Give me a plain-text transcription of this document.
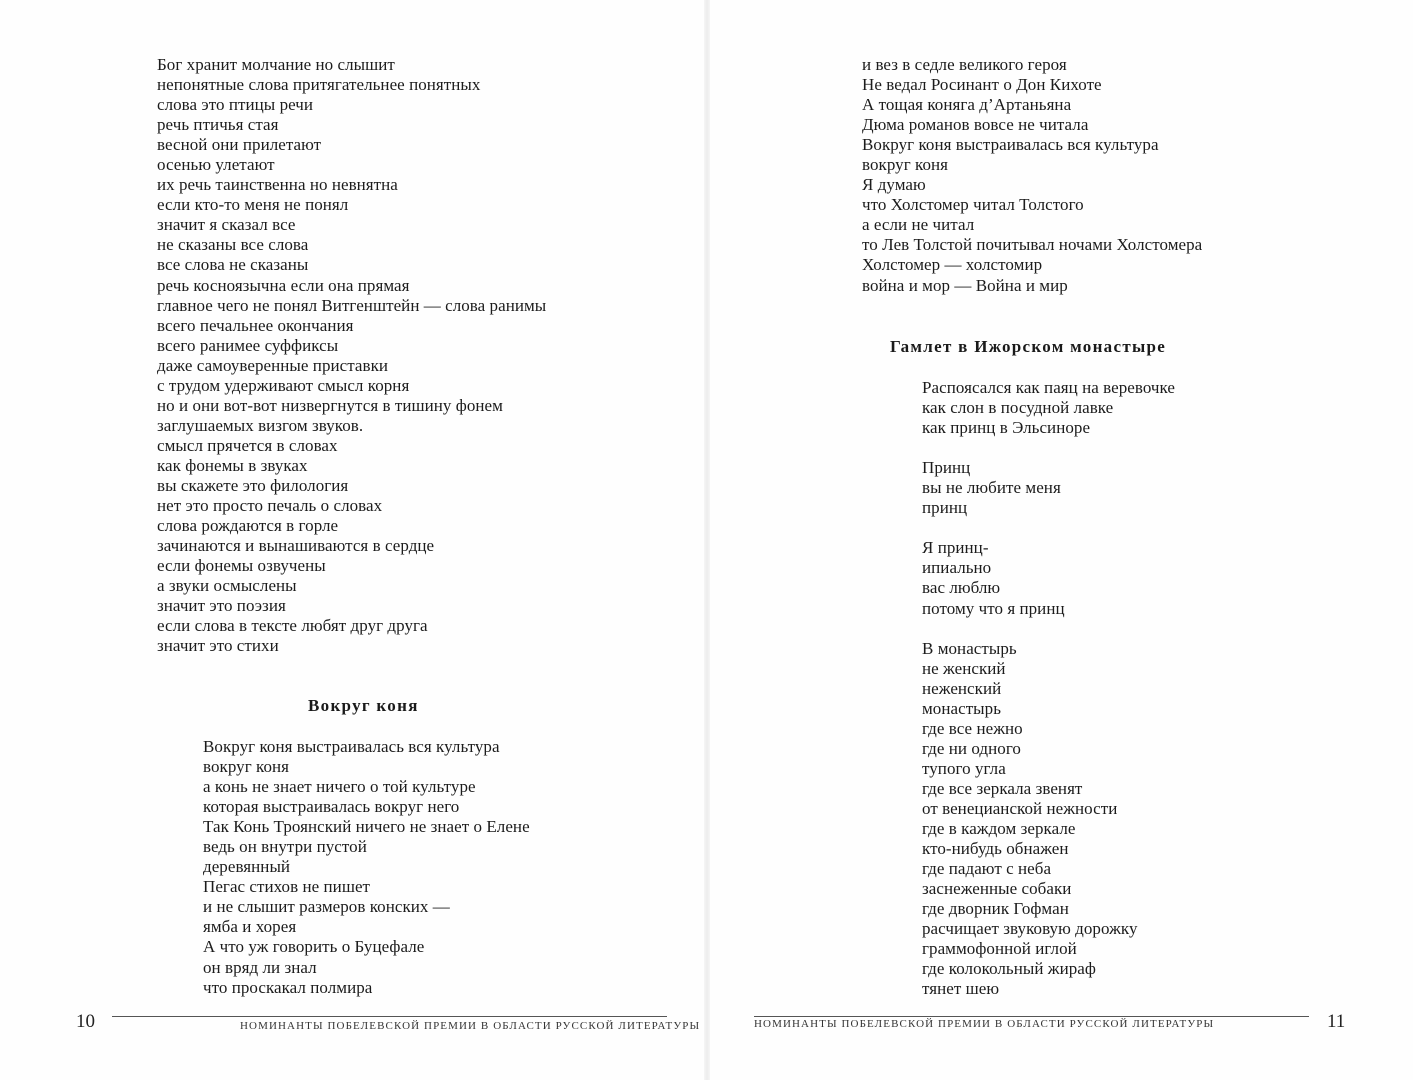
Бог хранит молчание но слышит
непонятные слова притягательнее понятных
слова это птицы речи
речь птичья стая
весной они прилетают
осенью улетают
их речь таинственна но невнятна
если кто-то меня не понял
значит я сказал все
не сказаны все слова
все слова не сказаны
речь косноязычна если она прямая
главное чего не понял Витгенштейн — слова ранимы
всего печальнее окончания
всего ранимее суффиксы
даже самоуверенные приставки
с трудом удерживают смысл корня
но и они вот-вот низвергнутся в тишину фонем
заглушаемых визгом звуков.
смысл прячется в словах
как фонемы в звуках
вы скажете это филология
нет это просто печаль о словах
слова рождаются в горле
зачинаются и вынашиваются в сердце
если фонемы озвучены
а звуки осмыслены
значит это поэзия
если слова в тексте любят друг друга
значит это стихи
Вокруг коня
Вокруг коня выстраивалась вся культура
вокруг коня
а конь не знает ничего о той культуре
которая выстраивалась вокруг него
Так Конь Троянский ничего не знает о Елене
ведь он внутри пустой
деревянный
Пегас стихов не пишет
и не слышит размеров конских —
ямба и хорея
А что уж говорить о Буцефале
он вряд ли знал
что проскакал полмира
10	НОМИНАНТЫ ПОБЕЛЕВСКОЙ ПРЕМИИ В ОБЛАСТИ РУССКОЙ ЛИТЕРАТУРЫ
и вез в седле великого героя
Не ведал Росинант о Дон Кихоте
А тощая коняга д’Артаньяна
Дюма романов вовсе не читала
Вокруг коня выстраивалась вся культура
вокруг коня
Я думаю
что Холстомер читал Толстого
а если не читал
то Лев Толстой почитывал ночами Холстомера
Холстомер — холстомир
война и мор — Война и мир
Гамлет в Ижорском монастыре
Распоясался как паяц на веревочке
как слон в посудной лавке
как принц в Эльсиноре
Принц
вы не любите меня
принц
Я принц-
ипиально
вас люблю
потому что я принц
В монастырь
не женский
неженский
монастырь
где все нежно
где ни одного
тупого угла
где все зеркала звенят
от венецианской нежности
где в каждом зеркале
кто-нибудь обнажен
где падают с неба
заснеженные собаки
где дворник Гофман
расчищает звуковую дорожку
граммофонной иглой
где колокольный жираф
тянет шею
НОМИНАНТЫ ПОБЕЛЕВСКОЙ ПРЕМИИ В ОБЛАСТИ РУССКОЙ ЛИТЕРАТУРЫ	11
